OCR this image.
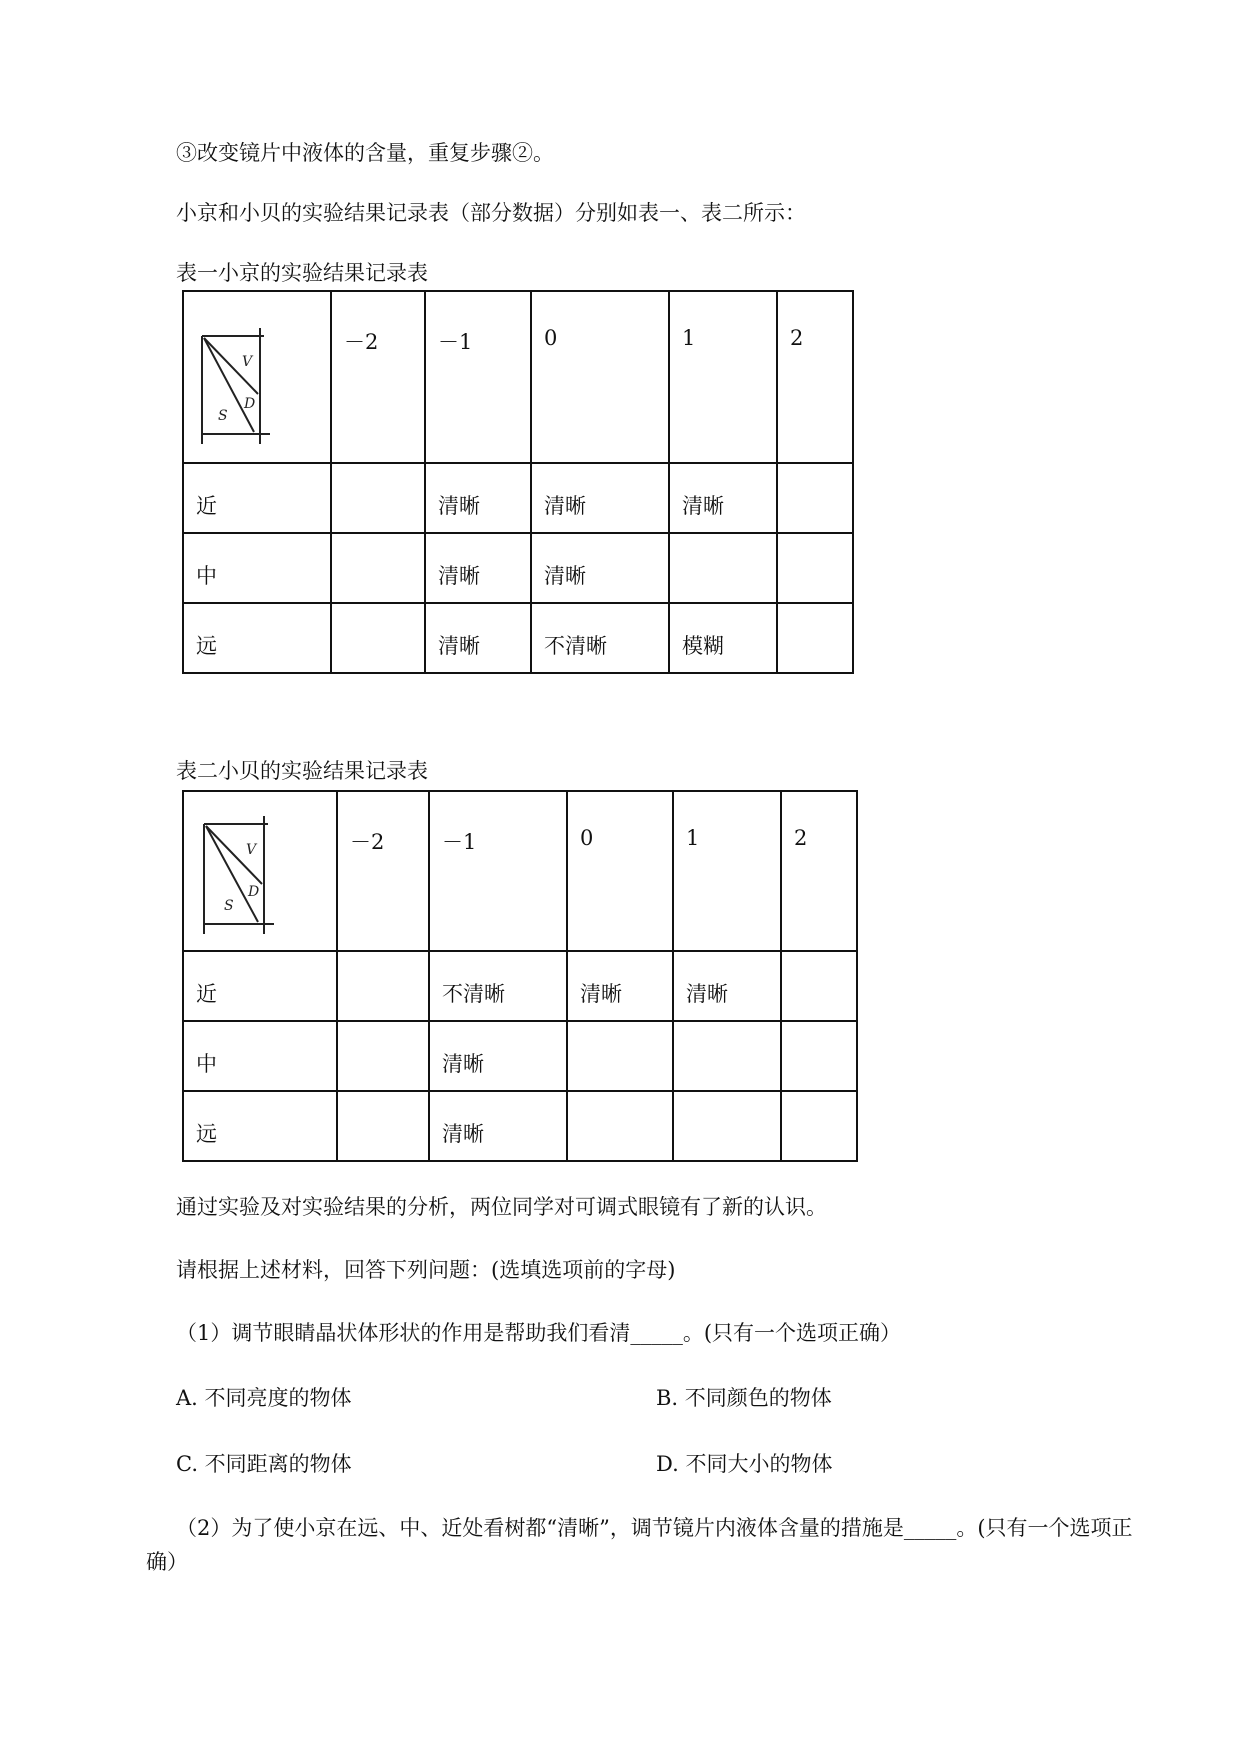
③改变镜片中液体的含量，重复步骤②。
小京和小贝的实验结果记录表（部分数据）分别如表一、表二所示：
表一小京的实验结果记录表
V
D
S	－2	－1	0	1	2
近		清晰	清晰	清晰	
中		清晰	清晰		
远		清晰	不清晰	模糊	
表二小贝的实验结果记录表
V
D
S	－2	－1	0	1	2
近		不清晰	清晰	清晰	
中		清晰			
远		清晰			
通过实验及对实验结果的分析，两位同学对可调式眼镜有了新的认识。
请根据上述材料，回答下列问题：(选填选项前的字母)
（1）调节眼睛晶状体形状的作用是帮助我们看清_____。(只有一个选项正确）
A. 不同亮度的物体	B. 不同颜色的物体
C. 不同距离的物体	D. 不同大小的物体
（2）为了使小京在远、中、近处看树都“清晰”，调节镜片内液体含量的措施是_____。(只有一个选项正确）
